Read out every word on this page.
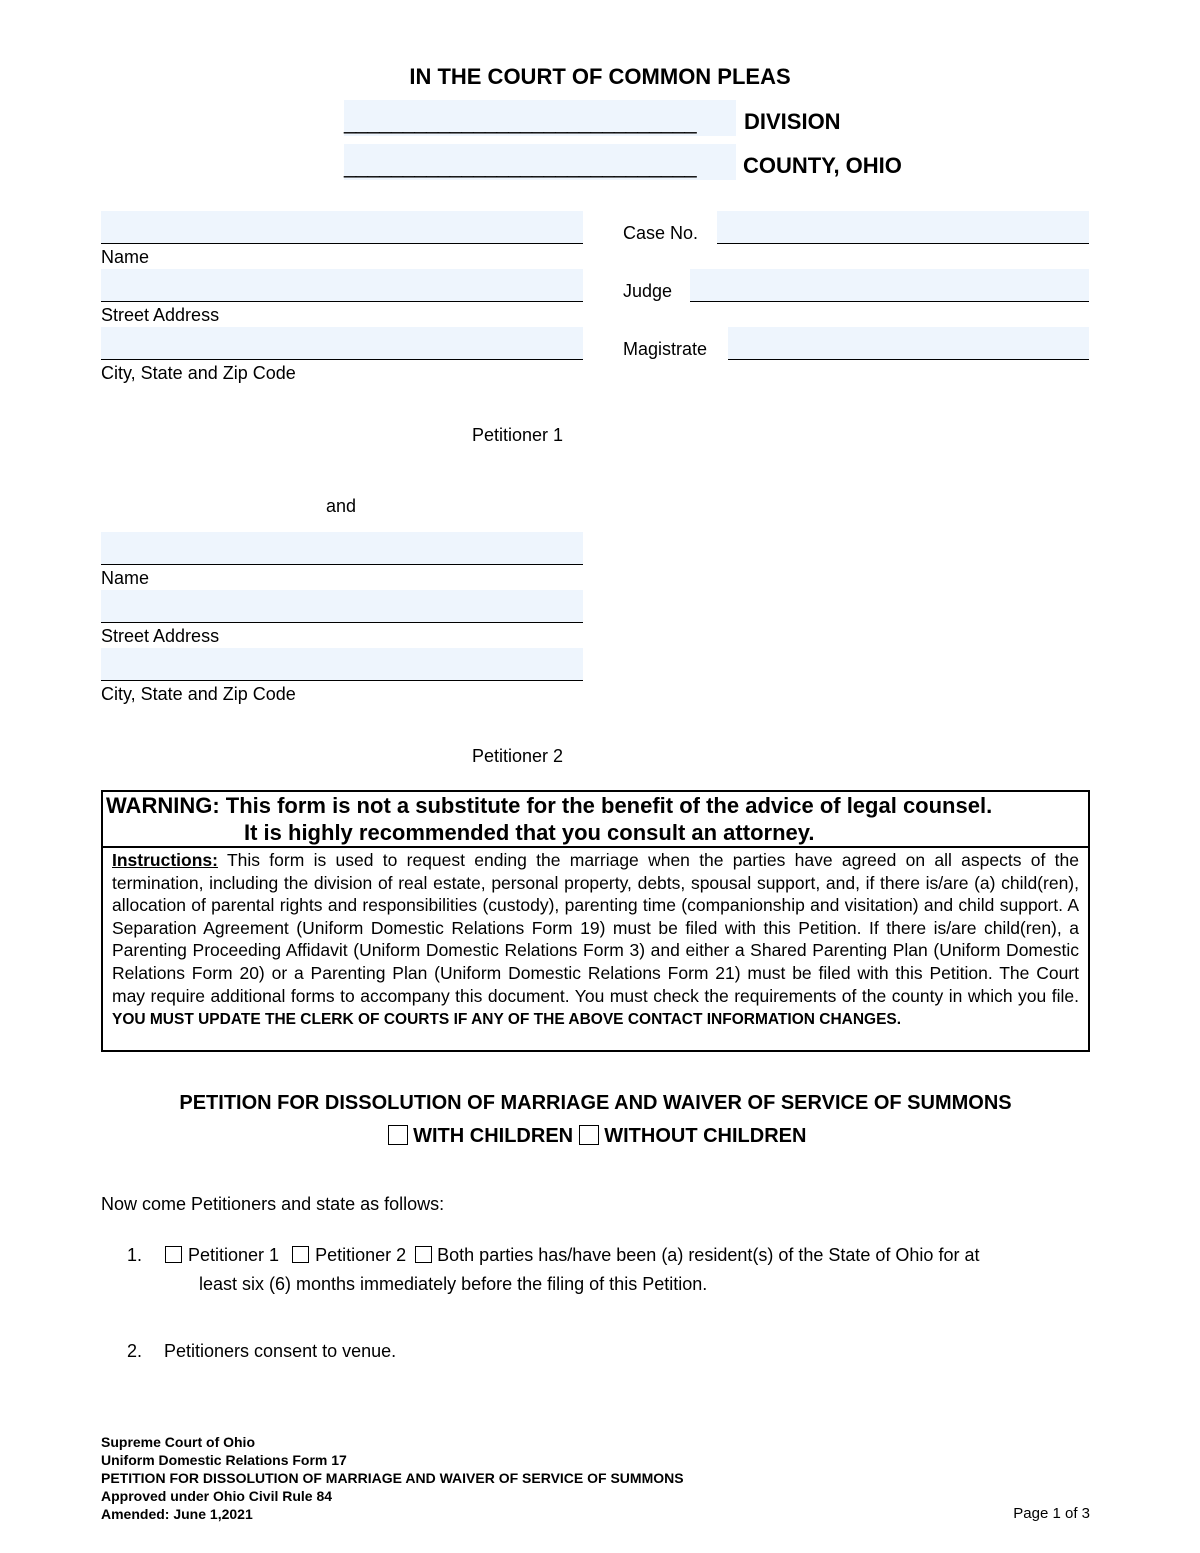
IN THE COURT OF COMMON PLEAS
______________________________ DIVISION
______________________________ COUNTY, OHIO
Name
Street Address
City, State and Zip Code
Petitioner 1
and
Name
Street Address
City, State and Zip Code
Petitioner 2
Case No.
Judge
Magistrate
WARNING: This form is not a substitute for the benefit of the advice of legal counsel.
It is highly recommended that you consult an attorney.
Instructions: This form is used to request ending the marriage when the parties have agreed on all aspects of the termination, including the division of real estate, personal property, debts, spousal support, and, if there is/are (a) child(ren), allocation of parental rights and responsibilities (custody), parenting time (companionship and visitation) and child support. A Separation Agreement (Uniform Domestic Relations Form 19) must be filed with this Petition. If there is/are child(ren), a Parenting Proceeding Affidavit (Uniform Domestic Relations Form 3) and either a Shared Parenting Plan (Uniform Domestic Relations Form 20) or a Parenting Plan (Uniform Domestic Relations Form 21) must be filed with this Petition. The Court may require additional forms to accompany this document. You must check the requirements of the county in which you file. YOU MUST UPDATE THE CLERK OF COURTS IF ANY OF THE ABOVE CONTACT INFORMATION CHANGES.
PETITION FOR DISSOLUTION OF MARRIAGE AND WAIVER OF SERVICE OF SUMMONS
WITH CHILDREN WITHOUT CHILDREN
Now come Petitioners and state as follows:
1.	Petitioner 1 Petitioner 2 Both parties has/have been (a) resident(s) of the State of Ohio for at
least six (6) months immediately before the filing of this Petition.
2. Petitioners consent to venue.
Supreme Court of Ohio
Uniform Domestic Relations Form 17
PETITION FOR DISSOLUTION OF MARRIAGE AND WAIVER OF SERVICE OF SUMMONS
Approved under Ohio Civil Rule 84
Amended: June 1,2021	Page 1 of 3
